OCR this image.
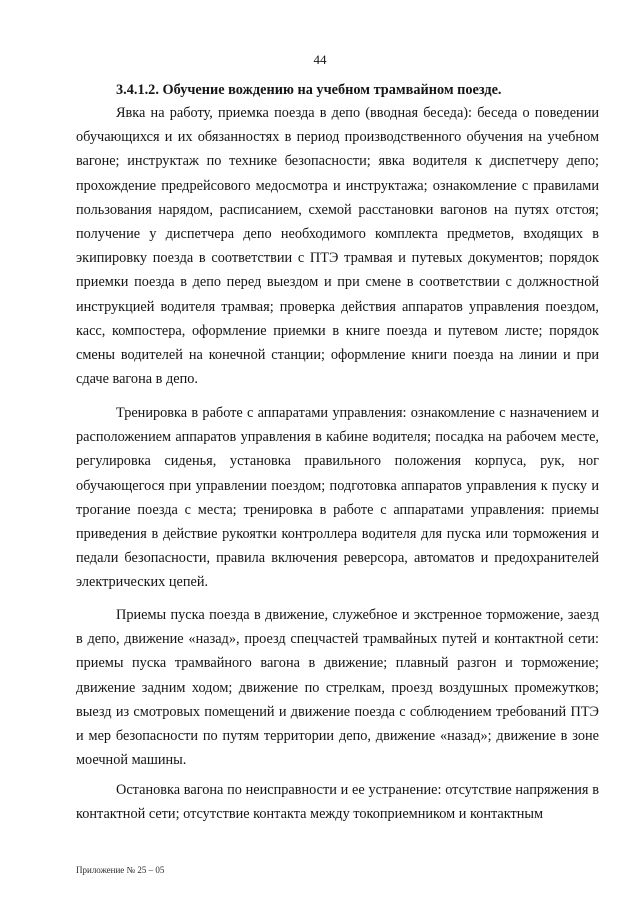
44
3.4.1.2. Обучение вождению на учебном трамвайном поезде.

Явка на работу, приемка поезда в депо (вводная беседа): беседа о поведении обучающихся и их обязанностях в период производственного обучения на учебном вагоне; инструктаж по технике безопасности; явка водителя к диспетчеру депо; прохождение предрейсового медосмотра и инструктажа; ознакомление с правилами пользования нарядом, расписанием, схемой расстановки вагонов на путях отстоя; получение у диспетчера депо необходимого комплекта предметов, входящих в экипировку поезда в соответствии с ПТЭ трамвая и путевых документов; порядок приемки поезда в депо перед выездом и при смене в соответствии с должностной инструкцией водителя трамвая; проверка действия аппаратов управления поездом, касс, компостера, оформление приемки в книге поезда и путевом листе; порядок смены водителей на конечной станции; оформление книги поезда на линии и при сдаче вагона в депо.

Тренировка в работе с аппаратами управления: ознакомление с назначением и расположением аппаратов управления в кабине водителя; посадка на рабочем месте, регулировка сиденья, установка правильного положения корпуса, рук, ног обучающегося при управлении поездом; подготовка аппаратов управления к пуску и трогание поезда с места; тренировка в работе с аппаратами управления: приемы приведения в действие рукоятки контроллера водителя для пуска или торможения и педали безопасности, правила включения реверсора, автоматов и предохранителей электрических цепей.

Приемы пуска поезда в движение, служебное и экстренное торможение, заезд в депо, движение «назад», проезд спецчастей трамвайных путей и контактной сети: приемы пуска трамвайного вагона в движение; плавный разгон и торможение; движение задним ходом; движение по стрелкам, проезд воздушных промежутков; выезд из смотровых помещений и движение поезда с соблюдением требований ПТЭ и мер безопасности по путям территории депо, движение «назад»; движение в зоне моечной машины.

Остановка вагона по неисправности и ее устранение: отсутствие напряжения в контактной сети; отсутствие контакта между токоприемником и контактным

Приложение № 25 – 05
